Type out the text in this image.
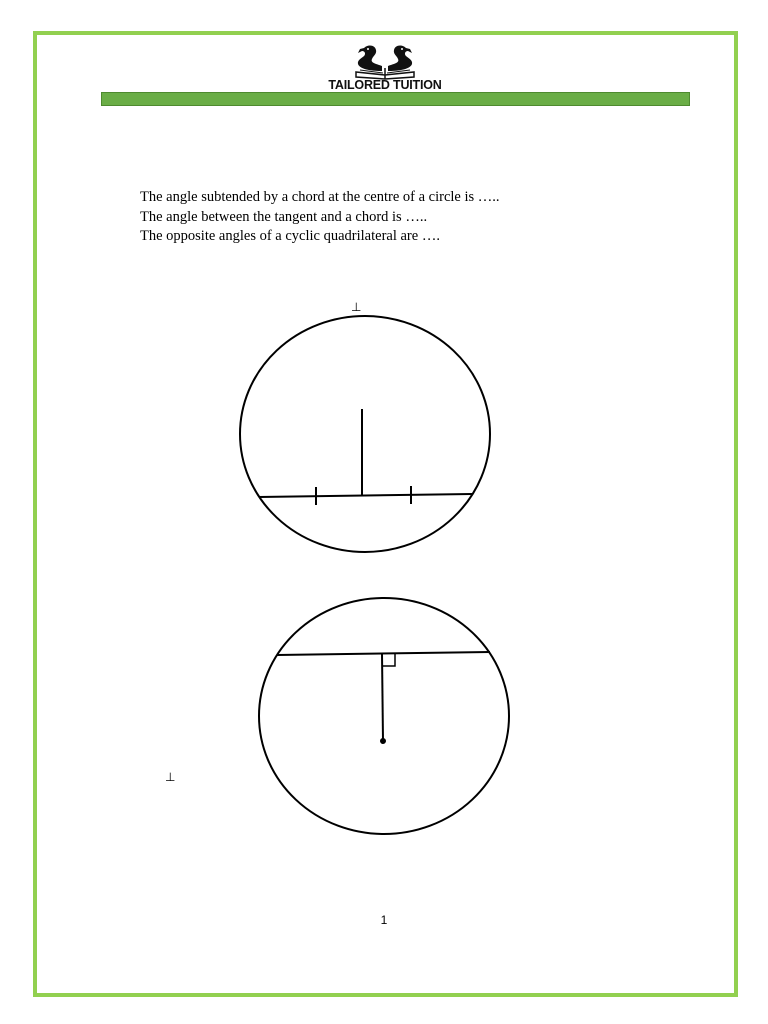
TAILORED TUITION
The angle subtended by a chord at the centre of a circle is …..
The angle between the tangent and a chord is …..
The opposite angles of a cyclic quadrilateral are ….
⊥
⊥
1
